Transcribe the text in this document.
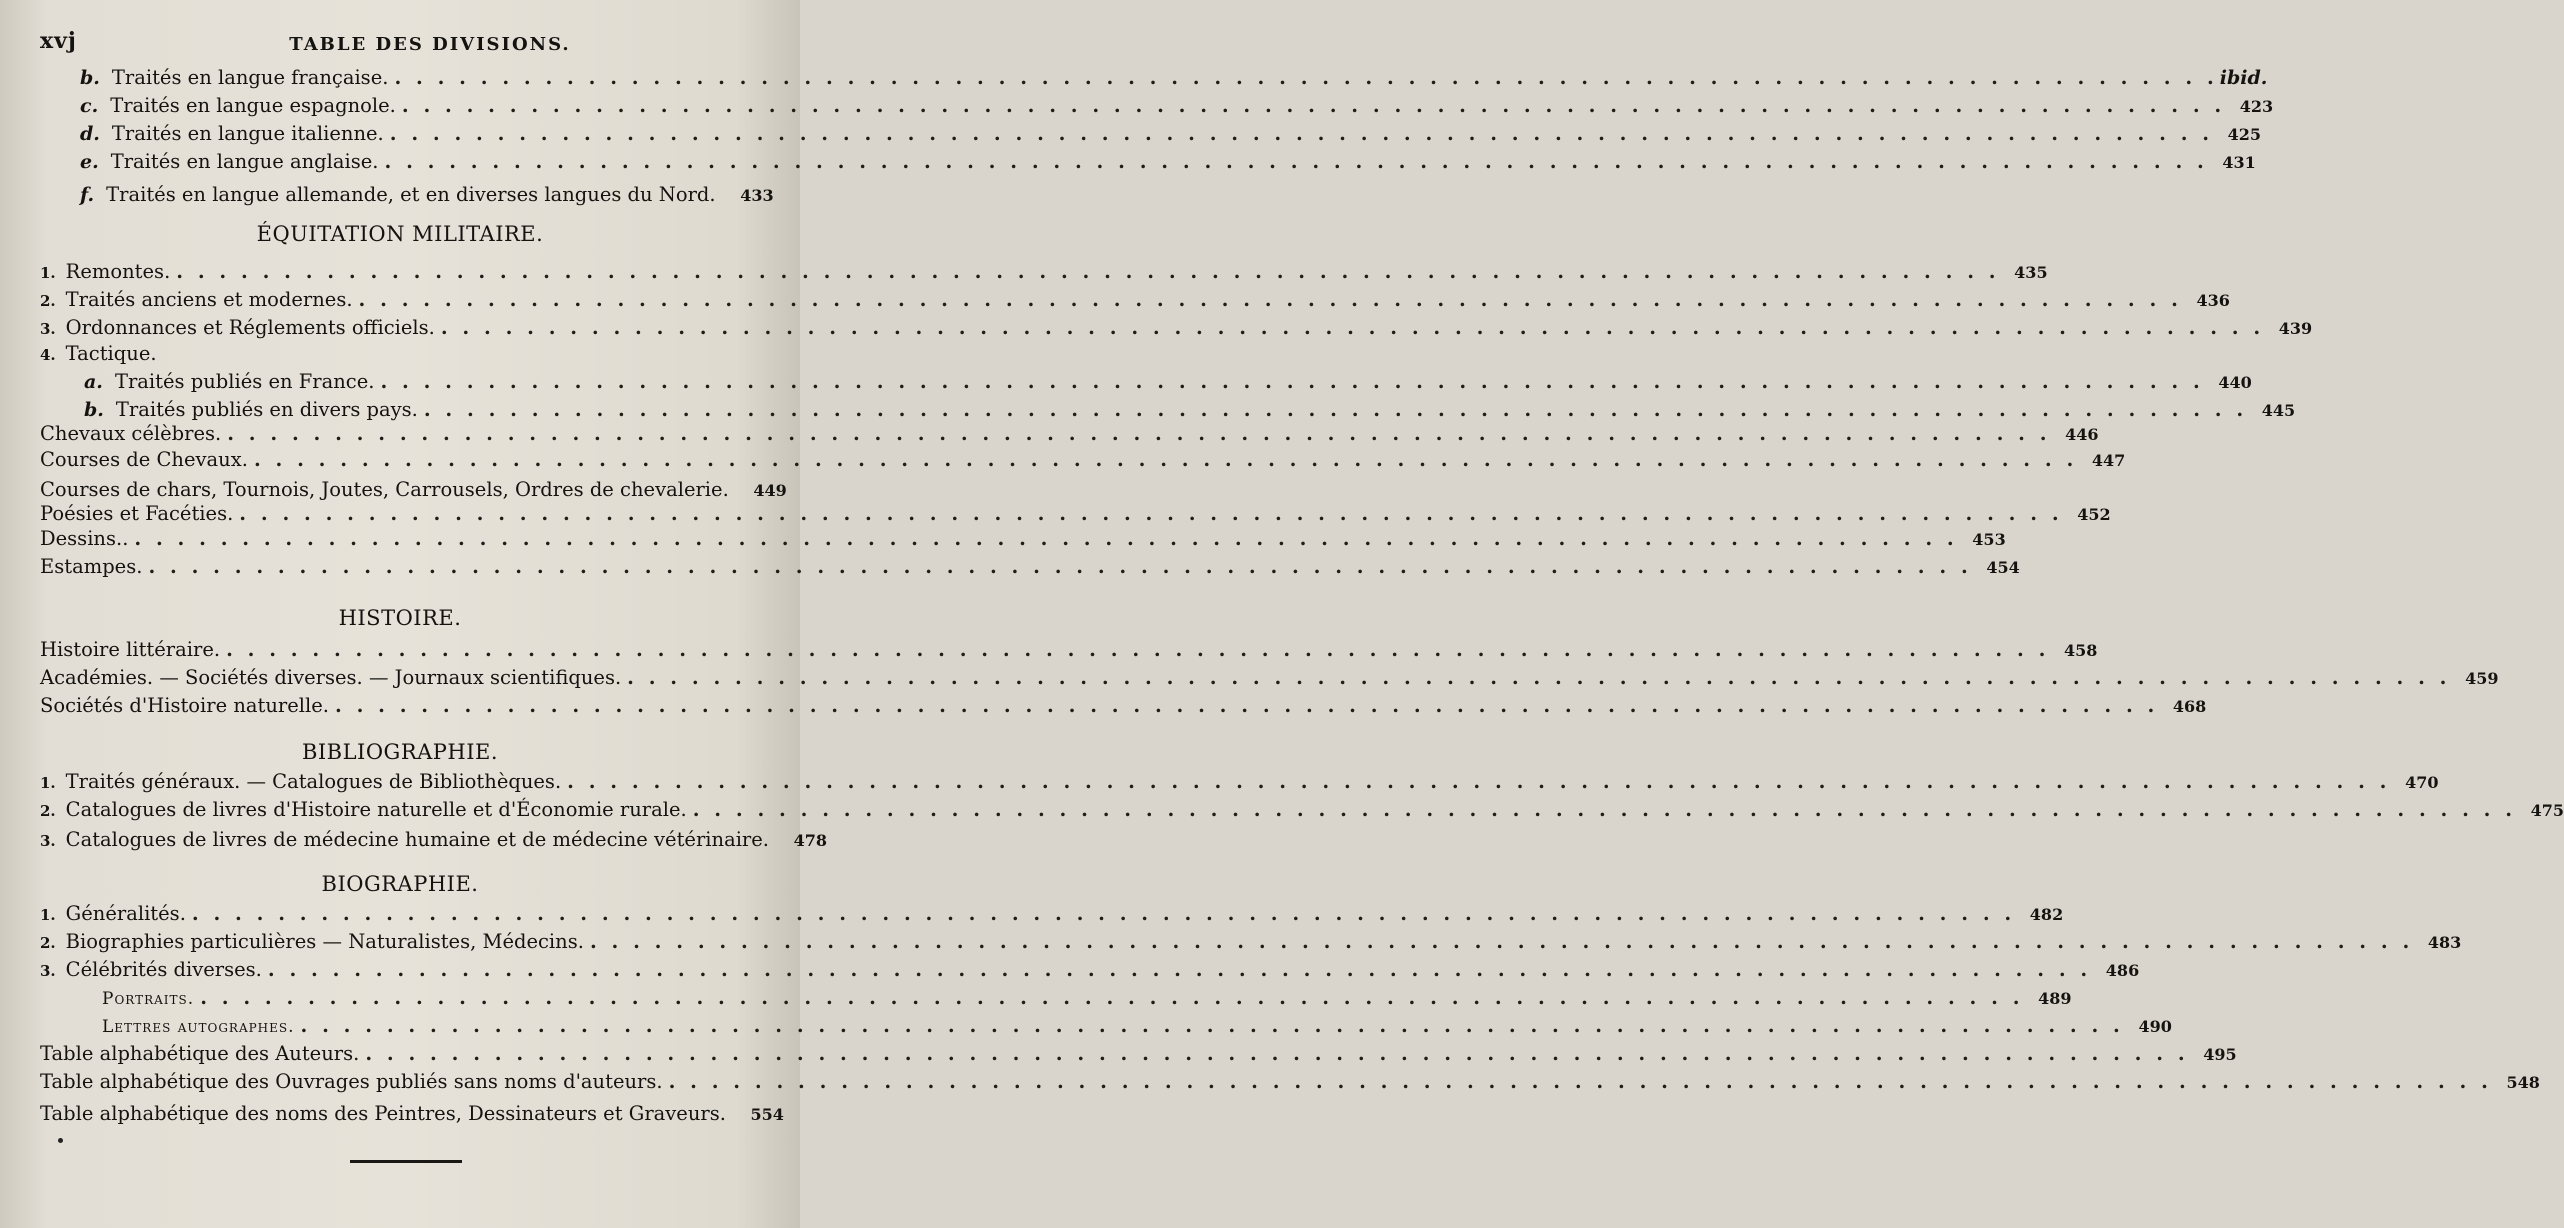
xvj	TABLE DES DIVISIONS.
b. Traités en langue française. . . .	ibid.
c. Traités en langue espagnole. . . .	423
d. Traités en langue italienne. . . .	425
e. Traités en langue anglaise. . . .	431
f. Traités en langue allemande, et en diverses langues du Nord.	433
ÉQUITATION MILITAIRE.
1. Remontes. . . .	435
2. Traités anciens et modernes. . . .	436
3. Ordonnances et Réglements officiels. . . .	439
4. Tactique.
a. Traités publiés en France. . . .	440
b. Traités publiés en divers pays. . . .	445
Chevaux célèbres. . . .	446
Courses de Chevaux. . . .	447
Courses de chars, Tournois, Joutes, Carrousels, Ordres de chevalerie.	449
Poésies et Facéties. . . .	452
Dessins.. . . .	453
Estampes. . . .	454
HISTOIRE.
Histoire littéraire. . . .	458
Académies. — Sociétés diverses. — Journaux scientifiques. . . .	459
Sociétés d'Histoire naturelle. . . .	468
BIBLIOGRAPHIE.
1. Traités généraux. — Catalogues de Bibliothèques. . . .	470
2. Catalogues de livres d'Histoire naturelle et d'Économie rurale. . . .	475
3. Catalogues de livres de médecine humaine et de médecine vétérinaire.	478
BIOGRAPHIE.
1. Généralités. . . .	482
2. Biographies particulières — Naturalistes, Médecins. . . .	483
3. Célébrités diverses. . . .	486
Portraits. . . .	489
Lettres autographes. . . .	490
Table alphabétique des Auteurs. . . .	495
Table alphabétique des Ouvrages publiés sans noms d'auteurs. . . .	548
Table alphabétique des noms des Peintres, Dessinateurs et Graveurs.	554
